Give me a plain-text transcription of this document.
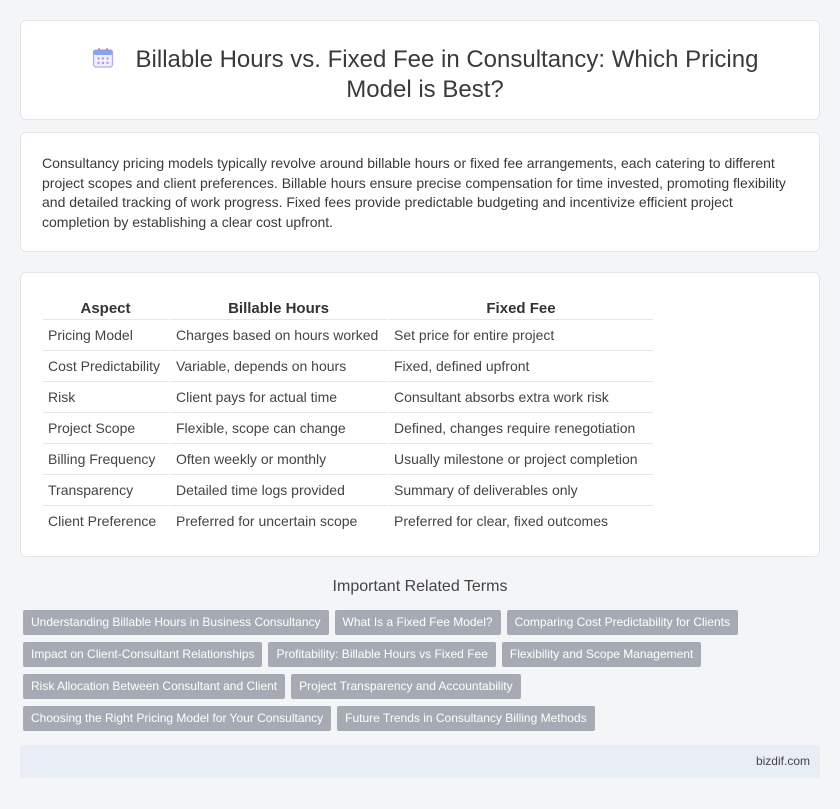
Billable Hours vs. Fixed Fee in Consultancy: Which Pricing Model is Best?

Consultancy pricing models typically revolve around billable hours or fixed fee arrangements, each catering to different project scopes and client preferences. Billable hours ensure precise compensation for time invested, promoting flexibility and detailed tracking of work progress. Fixed fees provide predictable budgeting and incentivize efficient project completion by establishing a clear cost upfront.

Aspect	Billable Hours	Fixed Fee
Pricing Model	Charges based on hours worked	Set price for entire project
Cost Predictability	Variable, depends on hours	Fixed, defined upfront
Risk	Client pays for actual time	Consultant absorbs extra work risk
Project Scope	Flexible, scope can change	Defined, changes require renegotiation
Billing Frequency	Often weekly or monthly	Usually milestone or project completion
Transparency	Detailed time logs provided	Summary of deliverables only
Client Preference	Preferred for uncertain scope	Preferred for clear, fixed outcomes
Important Related Terms
Understanding Billable Hours in Business Consultancy What Is a Fixed Fee Model? Comparing Cost Predictability for Clients
Impact on Client-Consultant Relationships Profitability: Billable Hours vs Fixed Fee Flexibility and Scope Management
Risk Allocation Between Consultant and Client Project Transparency and Accountability
Choosing the Right Pricing Model for Your Consultancy Future Trends in Consultancy Billing Methods
bizdif.com
